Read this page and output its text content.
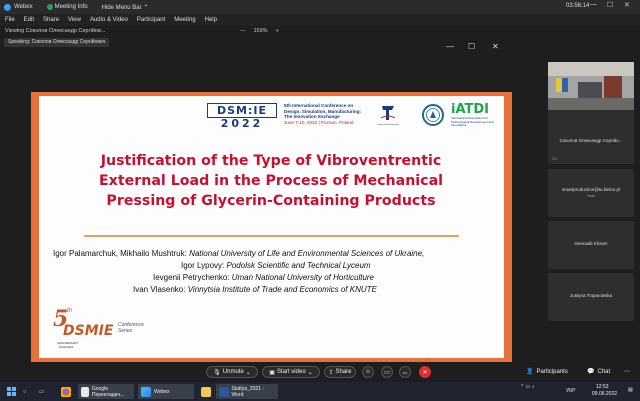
Webex	Meeting Info Hide Menu Bar ⌃	03:56:14 — ☐ ✕
File Edit Share View Audio & Video Participant Meeting Help
Viewing Соколов Олександр Сергійов...	— 159% +
Speaking: Соколов Олександр Сергійович	— ☐ ✕
DSM:IE
2022
5th International Conference on
Design, Simulation, Manufacturing:
The Innovation Exchange
June 7-10, 2022 | Poznan, Poland
Sumy State University
iATDI
International Association for Technological Development and Innovations
Justification of the Type of Vibroventrentic
External Load in the Process of Mechanical
Pressing of Glycerin-Containing Products
Igor Palamarchuk, Mikhailo Mushtruk: National University of Life and Environmental Sciences of Ukraine,
Igor Lypovy: Podolsk Scientific and Technical Lyceum
Ievgenii Petrychenko: Uman National University of Horticulture
Ivan Vlasenko: Vinnytsia Institute of Trade and Economics of KNUTE
5
th
DSMIE
ANNIVERSARY
2018-2022
Conference Series
Соколов Олександр Сергійо...
▭
smartproduction@tu.kielce.pl
Host
Gennadii Khavin
Justyna Trojanowska
🎙 Unmute ⌄	▣ Start video ⌄	⇪ Share ☺ ▭	•••	✕	👤 Participants	💬 Chat ⋯
○	▭	Google Перекладач...	Webex	Stattya_2021 - Word
⌃ ▭ ♪
УКР
12:53
09.06.2022
▤
